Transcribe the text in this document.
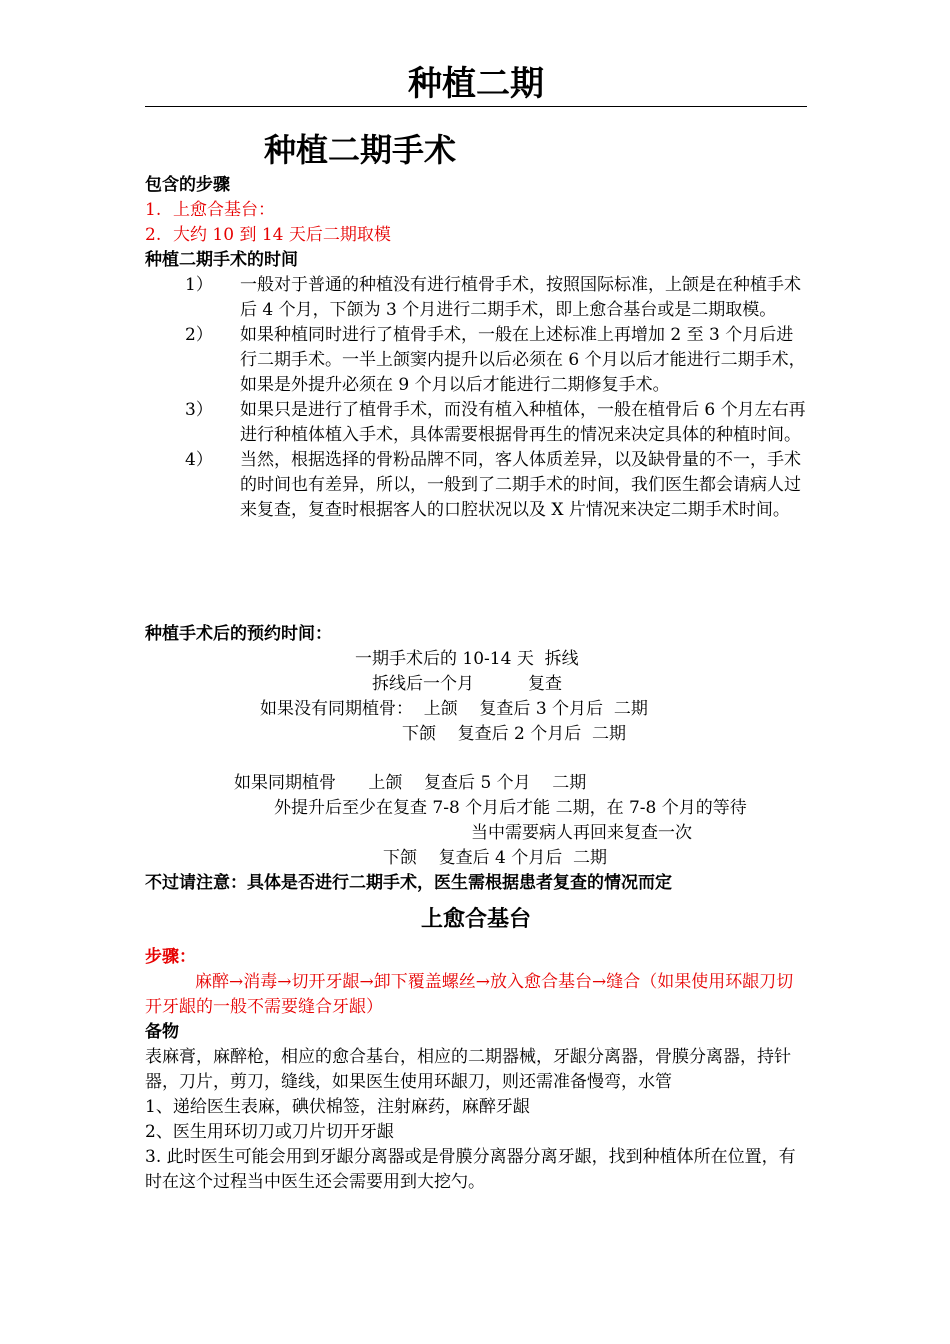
种植二期
种植二期手术
包含的步骤
1. 上愈合基台：
2. 大约 10 到 14 天后二期取模
种植二期手术的时间
1）	一般对于普通的种植没有进行植骨手术，按照国际标准，上颌是在种植手术后 4 个月，下颌为 3 个月进行二期手术，即上愈合基台或是二期取模。
2）	如果种植同时进行了植骨手术，一般在上述标准上再增加 2 至 3 个月后进行二期手术。一半上颌窦内提升以后必须在 6 个月以后才能进行二期手术，如果是外提升必须在 9 个月以后才能进行二期修复手术。
3）	如果只是进行了植骨手术，而没有植入种植体，一般在植骨后 6 个月左右再进行种植体植入手术，具体需要根据骨再生的情况来决定具体的种植时间。
4）	当然，根据选择的骨粉品牌不同，客人体质差异，以及缺骨量的不一，手术的时间也有差异，所以，一般到了二期手术的时间，我们医生都会请病人过来复查，复查时根据客人的口腔状况以及 X 片情况来决定二期手术时间。
种植手术后的预约时间：
一期手术后的 10-14 天  拆线
拆线后一个月          复查
如果没有同期植骨：  上颌    复查后 3 个月后  二期
下颌    复查后 2 个月后  二期
如果同期植骨      上颌    复查后 5 个月    二期
外提升后至少在复查 7-8 个月后才能 二期，在 7-8 个月的等待
当中需要病人再回来复查一次
下颌    复查后 4 个月后  二期
不过请注意：具体是否进行二期手术，医生需根据患者复查的情况而定
上愈合基台
步骤：
麻醉→消毒→切开牙龈→卸下覆盖螺丝→放入愈合基台→缝合（如果使用环龈刀切开牙龈的一般不需要缝合牙龈）
备物
表麻膏，麻醉枪，相应的愈合基台，相应的二期器械，牙龈分离器，骨膜分离器，持针器，刀片，剪刀，缝线，如果医生使用环龈刀，则还需准备慢弯，水管
1、递给医生表麻，碘伏棉签，注射麻药，麻醉牙龈
2、医生用环切刀或刀片切开牙龈
3. 此时医生可能会用到牙龈分离器或是骨膜分离器分离牙龈，找到种植体所在位置，有时在这个过程当中医生还会需要用到大挖勺。
